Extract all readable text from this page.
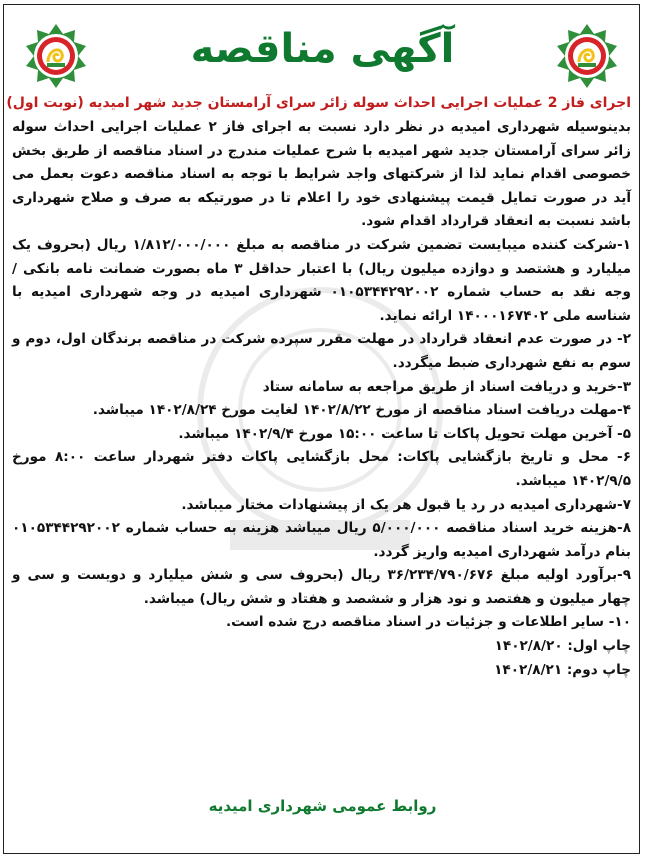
آگهی مناقصه
اجرای فاز 2 عملیات اجرایی احداث سوله زائر سرای آرامستان جدید شهر امیدیه (نوبت اول)

بدینوسیله شهرداری امیدیه در نظر دارد نسبت به اجرای فاز ۲ عملیات اجرایی احداث سوله زائر سرای آرامستان جدید شهر امیدیه با شرح عملیات مندرج در اسناد مناقصه از طریق بخش خصوصی اقدام نماید لذا از شرکتهای واجد شرایط با توجه به اسناد مناقصه دعوت بعمل می آید در صورت تمایل قیمت پیشنهادی خود را اعلام تا در صورتیکه به صرف و صلاح شهرداری باشد نسبت به انعقاد قرارداد اقدام شود.

۱-شرکت کننده میبایست تضمین شرکت در مناقصه به مبلغ ۱/۸۱۲/۰۰۰/۰۰۰ ریال (بحروف یک میلیارد و هشتصد و دوازده میلیون ریال) با اعتبار حداقل ۳ ماه بصورت ضمانت نامه بانکی / وجه نقد به حساب شماره ۰۱۰۵۳۴۴۲۹۲۰۰۲ شهرداری امیدیه در وجه شهرداری امیدیه با شناسه ملی ۱۴۰۰۰۱۶۷۴۰۲ ارائه نماید.

۲- در صورت عدم انعقاد قرارداد در مهلت مقرر سپرده شرکت در مناقصه برندگان اول، دوم و سوم به نفع شهرداری ضبط میگردد.

۳-خرید و دریافت اسناد از طریق مراجعه به سامانه ستاد

۴-مهلت دریافت اسناد مناقصه از مورخ ۱۴۰۲/۸/۲۲ لغایت مورخ ۱۴۰۲/۸/۲۴ میباشد.

۵- آخرین مهلت تحویل پاکات تا ساعت ۱۵:۰۰ مورخ ۱۴۰۲/۹/۴ میباشد.

۶- محل و تاریخ بازگشایی پاکات: محل بازگشایی پاکات دفتر شهردار ساعت ۸:۰۰ مورخ ۱۴۰۲/۹/۵ میباشد.

۷-شهرداری امیدیه در رد یا قبول هر یک از پیشنهادات مختار میباشد.

۸-هزینه خرید اسناد مناقصه ۵/۰۰۰/۰۰۰ ریال میباشد هزینه به حساب شماره ۰۱۰۵۳۴۴۲۹۲۰۰۲ بنام درآمد شهرداری امیدیه واریز گردد.

۹-برآورد اولیه مبلغ ۳۶/۲۳۴/۷۹۰/۶۷۶ ریال (بحروف سی و شش میلیارد و دویست و سی و چهار میلیون و هفتصد و نود هزار و ششصد و هفتاد و شش ریال) میباشد.

۱۰- سایر اطلاعات و جزئیات در اسناد مناقصه درج شده است.

چاپ اول: ۱۴۰۲/۸/۲۰

چاپ دوم: ۱۴۰۲/۸/۲۱

روابط عمومی شهرداری امیدیه
